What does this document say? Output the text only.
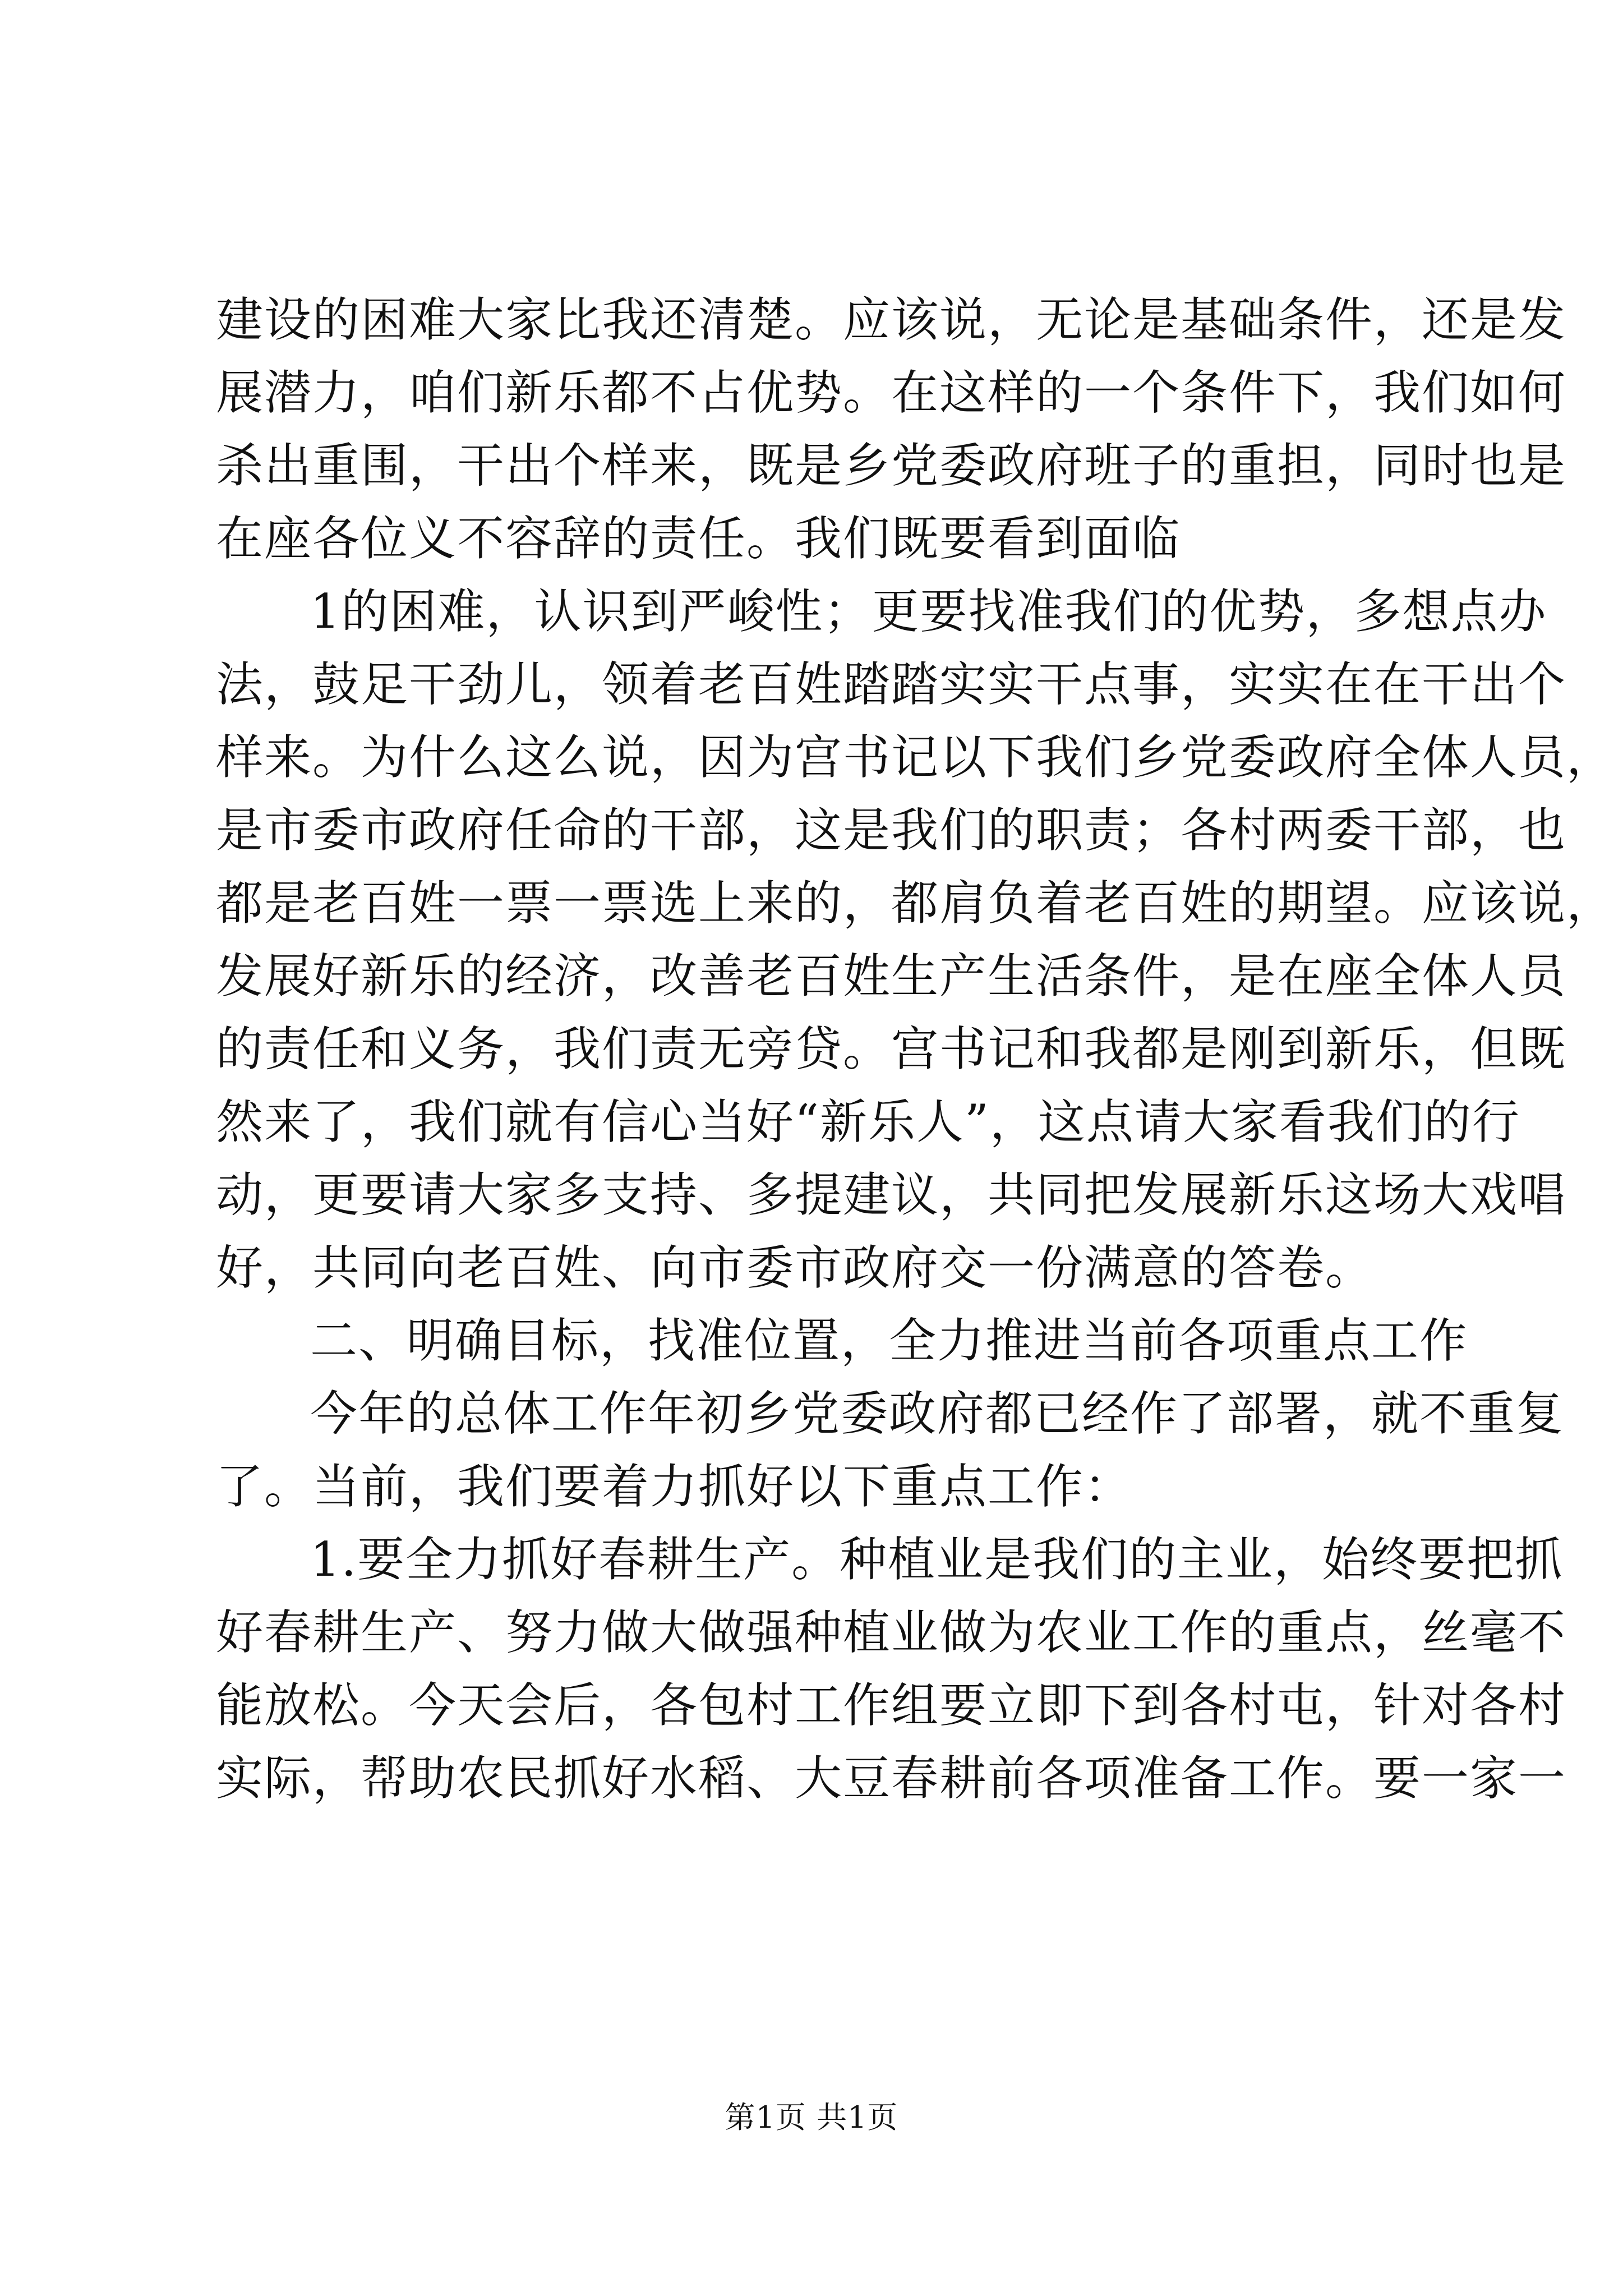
建设的困难大家比我还清楚。应该说，无论是基础条件，还是发
展潜力，咱们新乐都不占优势。在这样的一个条件下，我们如何
杀出重围，干出个样来，既是乡党委政府班子的重担，同时也是
在座各位义不容辞的责任。我们既要看到面临
1的困难，认识到严峻性；更要找准我们的优势，多想点办
法，鼓足干劲儿，领着老百姓踏踏实实干点事，实实在在干出个
样来。为什么这么说，因为宫书记以下我们乡党委政府全体人员，
是市委市政府任命的干部，这是我们的职责；各村两委干部，也
都是老百姓一票一票选上来的，都肩负着老百姓的期望。应该说，
发展好新乐的经济，改善老百姓生产生活条件，是在座全体人员
的责任和义务，我们责无旁贷。宫书记和我都是刚到新乐，但既
然来了，我们就有信心当好“新乐人”，这点请大家看我们的行
动，更要请大家多支持、多提建议，共同把发展新乐这场大戏唱
好，共同向老百姓、向市委市政府交一份满意的答卷。
二、明确目标，找准位置，全力推进当前各项重点工作
今年的总体工作年初乡党委政府都已经作了部署，就不重复
了。当前，我们要着力抓好以下重点工作：
1.要全力抓好春耕生产。种植业是我们的主业，始终要把抓
好春耕生产、努力做大做强种植业做为农业工作的重点，丝毫不
能放松。今天会后，各包村工作组要立即下到各村屯，针对各村
实际，帮助农民抓好水稻、大豆春耕前各项准备工作。要一家一
第1页 共1页
